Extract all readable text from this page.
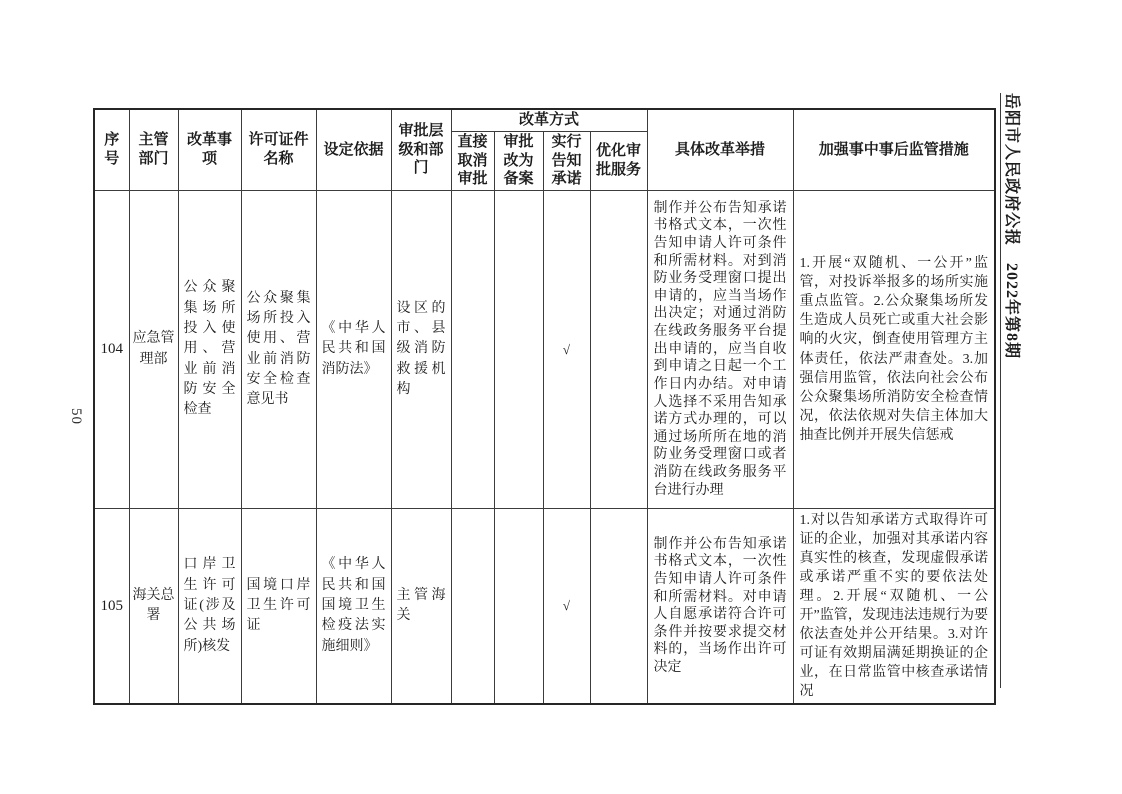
50
岳阳市人民政府公报　2022年第8期
序号	主管部门	改革事项	许可证件名称	设定依据	审批层级和部门	改革方式				具体改革举措	加强事中事后监管措施
						直接取消审批	审批改为备案	实行告知承诺	优化审批服务		
104	应急管理部	公众聚集场所投入使用、营业前消防安全检查	公众聚集场所投入使用、营业前消防安全检查意见书	《中华人民共和国消防法》	设区的市、县级消防救援机构			√		制作并公布告知承诺书格式文本，一次性告知申请人许可条件和所需材料。对到消防业务受理窗口提出申请的，应当当场作出决定；对通过消防在线政务服务平台提出申请的，应当自收到申请之日起一个工作日内办结。对申请人选择不采用告知承诺方式办理的，可以通过场所所在地的消防业务受理窗口或者消防在线政务服务平台进行办理	1.开展“双随机、一公开”监管，对投诉举报多的场所实施重点监管。2.公众聚集场所发生造成人员死亡或重大社会影响的火灾，倒查使用管理方主体责任，依法严肃查处。3.加强信用监管，依法向社会公布公众聚集场所消防安全检查情况，依法依规对失信主体加大抽查比例并开展失信惩戒
105	海关总署	口岸卫生许可证(涉及公共场所)核发	国境口岸卫生许可证	《中华人民共和国国境卫生检疫法实施细则》	主管海关			√		制作并公布告知承诺书格式文本，一次性告知申请人许可条件和所需材料。对申请人自愿承诺符合许可条件并按要求提交材料的，当场作出许可决定	1.对以告知承诺方式取得许可证的企业，加强对其承诺内容真实性的核查，发现虚假承诺或承诺严重不实的要依法处理。2.开展“双随机、一公开”监管，发现违法违规行为要依法查处并公开结果。3.对许可证有效期届满延期换证的企业，在日常监管中核查承诺情况
